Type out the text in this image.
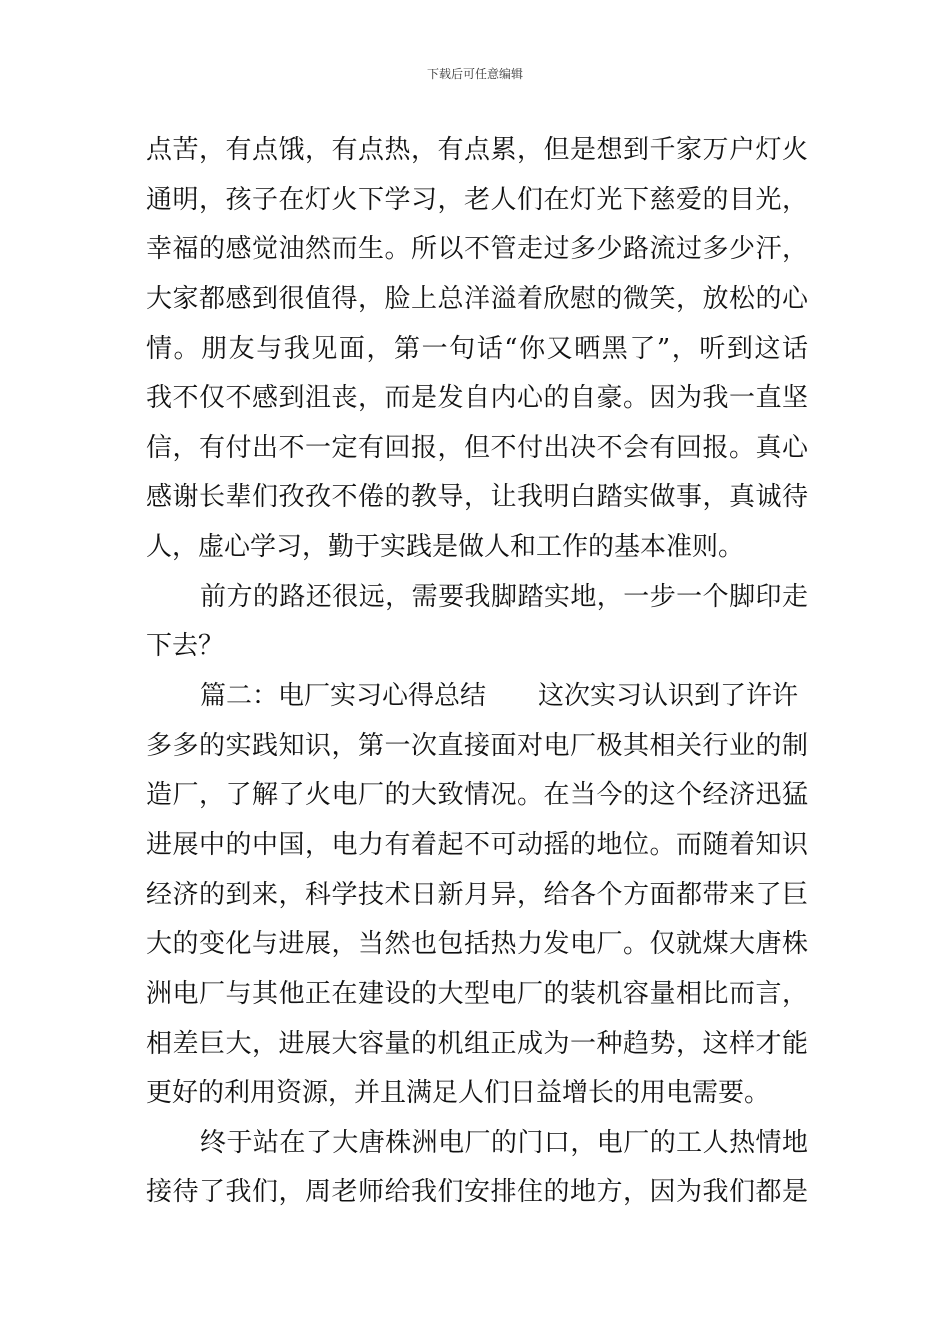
下载后可任意编辑
点苦，有点饿，有点热，有点累，但是想到千家万户灯火
通明，孩子在灯火下学习，老人们在灯光下慈爱的目光，
幸福的感觉油然而生。所以不管走过多少路流过多少汗，
大家都感到很值得，脸上总洋溢着欣慰的微笑，放松的心
情。朋友与我见面，第一句话“你又晒黑了”，听到这话
我不仅不感到沮丧，而是发自内心的自豪。因为我一直坚
信，有付出不一定有回报，但不付出决不会有回报。真心
感谢长辈们孜孜不倦的教导，让我明白踏实做事，真诚待
人，虚心学习，勤于实践是做人和工作的基本准则。
前方的路还很远，需要我脚踏实地，一步一个脚印走
下去？
篇二：电厂实习心得总结 这次实习认识到了许许
多多的实践知识，第一次直接面对电厂极其相关行业的制
造厂，了解了火电厂的大致情况。在当今的这个经济迅猛
进展中的中国，电力有着起不可动摇的地位。而随着知识
经济的到来，科学技术日新月异，给各个方面都带来了巨
大的变化与进展，当然也包括热力发电厂。仅就煤大唐株
洲电厂与其他正在建设的大型电厂的装机容量相比而言，
相差巨大，进展大容量的机组正成为一种趋势，这样才能
更好的利用资源，并且满足人们日益增长的用电需要。
终于站在了大唐株洲电厂的门口，电厂的工人热情地
接待了我们，周老师给我们安排住的地方，因为我们都是
